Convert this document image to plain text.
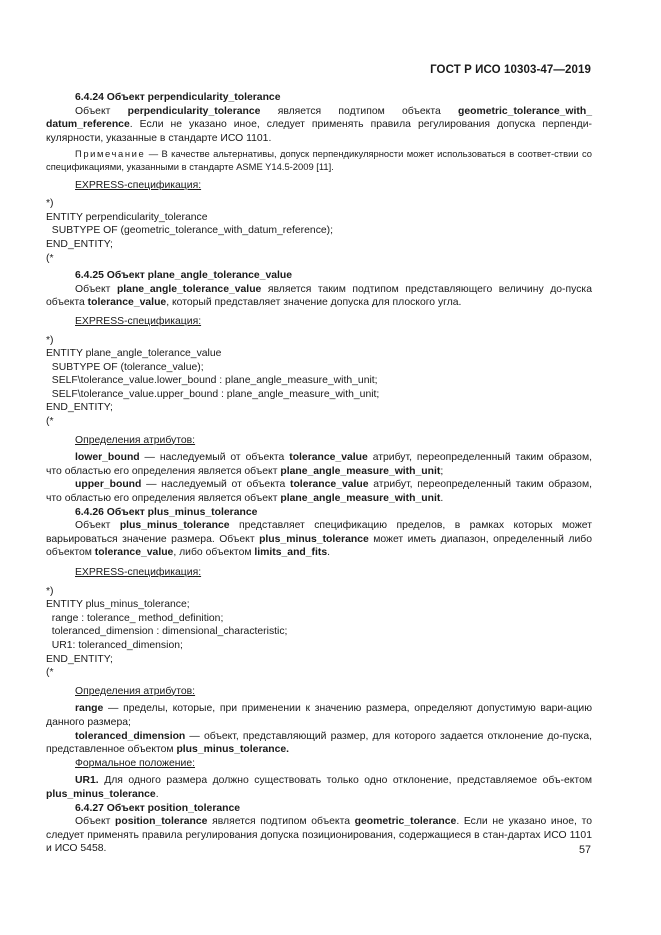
ГОСТ Р ИСО 10303-47—2019

6.4.24 Объект perpendicularity_tolerance

Объект perpendicularity_tolerance является подтипом объекта geometric_tolerance_with_ datum_reference. Если не указано иное, следует применять правила регулирования допуска перпенди-кулярности, указанные в стандарте ИСО 1101.

Примечание — В качестве альтернативы, допуск перпендикулярности может использоваться в соответ-ствии со спецификациями, указанными в стандарте ASME Y14.5-2009 [11].

EXPRESS-спецификация:

*)

ENTITY perpendicularity_tolerance

SUBTYPE OF (geometric_tolerance_with_datum_reference);

END_ENTITY;

(*

6.4.25 Объект plane_angle_tolerance_value

Объект plane_angle_tolerance_value является таким подтипом представляющего величину до-пуска объекта tolerance_value, который представляет значение допуска для плоского угла.

EXPRESS-спецификация:

*)

ENTITY plane_angle_tolerance_value

SUBTYPE OF (tolerance_value);

SELF\tolerance_value.lower_bound : plane_angle_measure_with_unit;

SELF\tolerance_value.upper_bound : plane_angle_measure_with_unit;

END_ENTITY;

(*

Определения атрибутов:

lower_bound — наследуемый от объекта tolerance_value атрибут, переопределенный таким образом, что областью его определения является объект plane_angle_measure_with_unit;

upper_bound — наследуемый от объекта tolerance_value атрибут, переопределенный таким образом, что областью его определения является объект plane_angle_measure_with_unit.

6.4.26 Объект plus_minus_tolerance

Объект plus_minus_tolerance представляет спецификацию пределов, в рамках которых может варьироваться значение размера. Объект plus_minus_tolerance может иметь диапазон, определенный либо объектом tolerance_value, либо объектом limits_and_fits.

EXPRESS-спецификация:

*)

ENTITY plus_minus_tolerance;

range : tolerance_ method_definition;

toleranced_dimension : dimensional_characteristic;

UR1: toleranced_dimension;

END_ENTITY;

(*

Определения атрибутов:

range — пределы, которые, при применении к значению размера, определяют допустимую вари-ацию данного размера;

toleranced_dimension — объект, представляющий размер, для которого задается отклонение до-пуска, представленное объектом plus_minus_tolerance.

Формальное положение:

UR1. Для одного размера должно существовать только одно отклонение, представляемое объ-ектом plus_minus_tolerance.

6.4.27 Объект position_tolerance

Объект position_tolerance является подтипом объекта geometric_tolerance. Если не указано иное, то следует применять правила регулирования допуска позиционирования, содержащиеся в стан-дартах ИСО 1101 и ИСО 5458.	57
